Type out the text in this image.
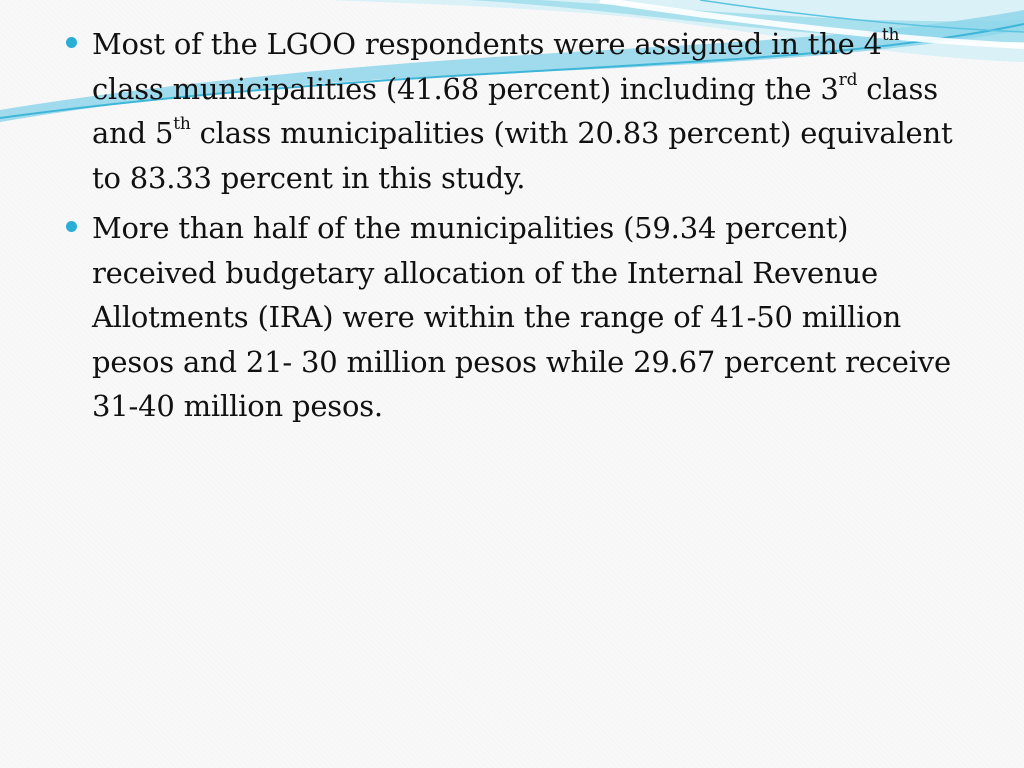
Most of the LGOO respondents were assigned in the 4th class municipalities (41.68 percent) including the 3rd class and 5th class municipalities (with 20.83 percent) equivalent to 83.33 percent in this study.
More than half of the municipalities (59.34 percent) received budgetary allocation of the Internal Revenue Allotments (IRA) were within the range of 41-50 million pesos and 21- 30 million pesos while 29.67 percent receive 31-40 million pesos.
